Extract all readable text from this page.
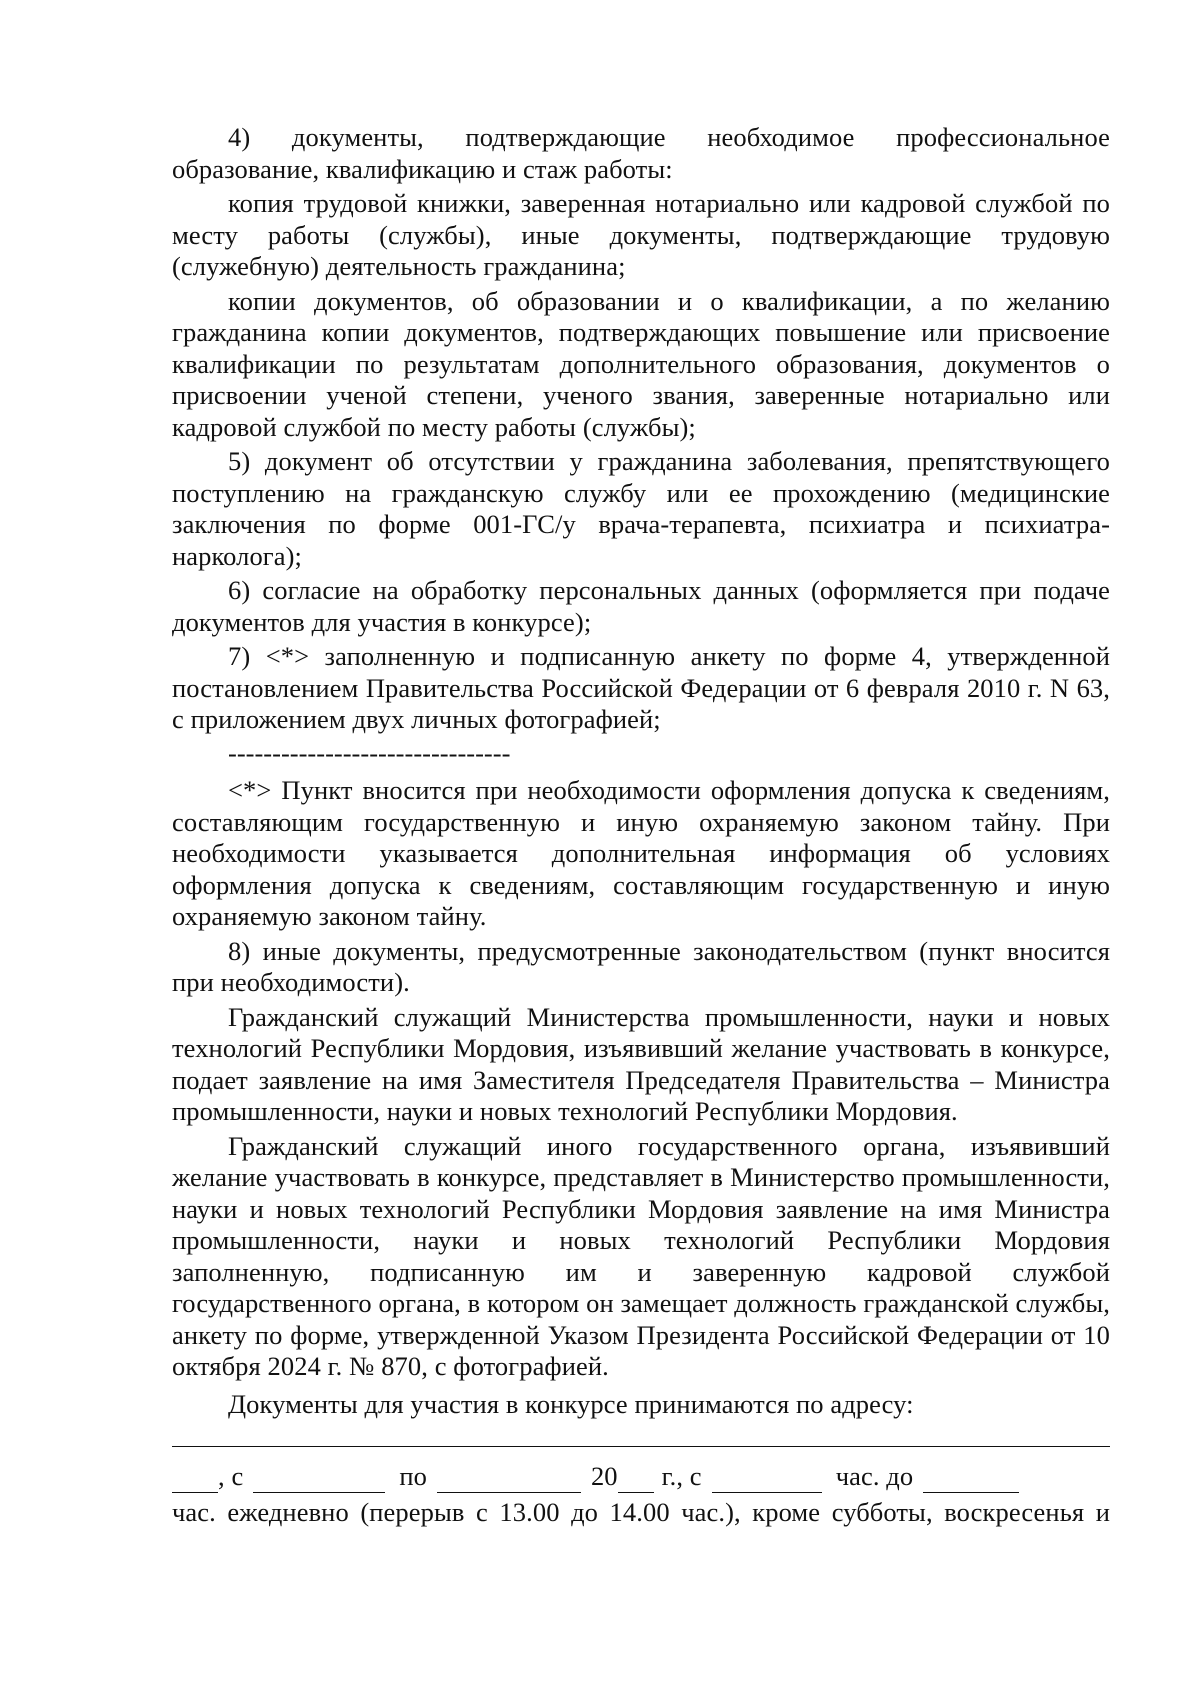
4) документы, подтверждающие необходимое профессиональное образование, квалификацию и стаж работы:

копия трудовой книжки, заверенная нотариально или кадровой службой по месту работы (службы), иные документы, подтверждающие трудовую (служебную) деятельность гражданина;

копии документов, об образовании и о квалификации, а по желанию гражданина копии документов, подтверждающих повышение или присвоение квалификации по результатам дополнительного образования, документов о присвоении ученой степени, ученого звания, заверенные нотариально или кадровой службой по месту работы (службы);

5) документ об отсутствии у гражданина заболевания, препятствующего поступлению на гражданскую службу или ее прохождению (медицинские заключения по форме 001-ГС/у врача-терапевта, психиатра и психиатра-нарколога);

6) согласие на обработку персональных данных (оформляется при подаче документов для участия в конкурсе);

7) <*> заполненную и подписанную анкету по форме 4, утвержденной постановлением Правительства Российской Федерации от 6 февраля 2010 г. N 63, с приложением двух личных фотографией;

--------------------------------

<*> Пункт вносится при необходимости оформления допуска к сведениям, составляющим государственную и иную охраняемую законом тайну. При необходимости указывается дополнительная информация об условиях оформления допуска к сведениям, составляющим государственную и иную охраняемую законом тайну.

8) иные документы, предусмотренные законодательством (пункт вносится при необходимости).

Гражданский служащий Министерства промышленности, науки и новых технологий Республики Мордовия, изъявивший желание участвовать в конкурсе, подает заявление на имя Заместителя Председателя Правительства – Министра промышленности, науки и новых технологий Республики Мордовия.

Гражданский служащий иного государственного органа, изъявивший желание участвовать в конкурсе, представляет в Министерство промышленности, науки и новых технологий Республики Мордовия заявление на имя Министра промышленности, науки и новых технологий Республики Мордовия заполненную, подписанную им и заверенную кадровой службой государственного органа, в котором он замещает должность гражданской службы, анкету по форме, утвержденной Указом Президента Российской Федерации от 10 октября 2024 г. № 870, с фотографией.

Документы для участия в конкурсе принимаются по адресу:

, с	по	20 г., с	час. до

час. ежедневно (перерыв с 13.00 до 14.00 час.), кроме субботы, воскресенья и
